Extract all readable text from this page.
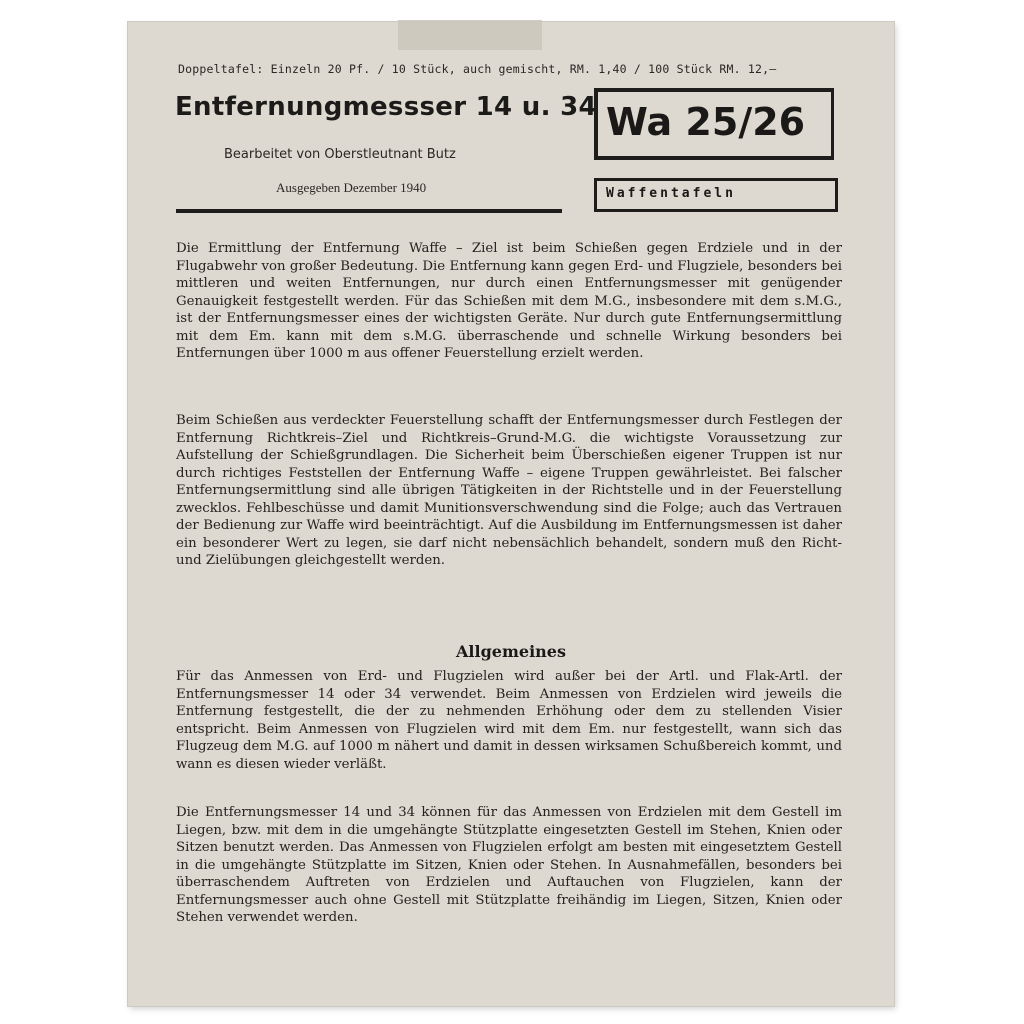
Doppeltafel: Einzeln 20 Pf. / 10 Stück, auch gemischt, RM. 1,40 / 100 Stück RM. 12,—
Entfernungmessser 14 u. 34
Bearbeitet von Oberstleutnant Butz
Ausgegeben Dezember 1940
Wa 25/26
Waffentafeln

Die Ermittlung der Entfernung Waffe – Ziel ist beim Schießen gegen Erdziele und in der Flugabwehr von großer Bedeutung. Die Entfernung kann gegen Erd- und Flugziele, besonders bei mittleren und weiten Entfernungen, nur durch einen Entfernungsmesser mit genügender Genauigkeit festgestellt werden. Für das Schießen mit dem M.G., insbesondere mit dem s.M.G., ist der Entfernungsmesser eines der wichtigsten Geräte. Nur durch gute Entfernungsermittlung mit dem Em. kann mit dem s.M.G. überraschende und schnelle Wirkung besonders bei Entfernungen über 1000 m aus offener Feuerstellung erzielt werden.

Beim Schießen aus verdeckter Feuerstellung schafft der Entfernungsmesser durch Festlegen der Entfernung Richtkreis–Ziel und Richtkreis–Grund-M.G. die wichtigste Voraussetzung zur Aufstellung der Schießgrundlagen. Die Sicherheit beim Überschießen eigener Truppen ist nur durch richtiges Feststellen der Entfernung Waffe – eigene Truppen gewährleistet. Bei falscher Entfernungsermittlung sind alle übrigen Tätigkeiten in der Richtstelle und in der Feuerstellung zwecklos. Fehlbeschüsse und damit Munitionsverschwendung sind die Folge; auch das Vertrauen der Bedienung zur Waffe wird beeinträchtigt. Auf die Ausbildung im Entfernungsmessen ist daher ein besonderer Wert zu legen, sie darf nicht nebensächlich behandelt, sondern muß den Richt- und Zielübungen gleichgestellt werden.

Allgemeines

Für das Anmessen von Erd- und Flugzielen wird außer bei der Artl. und Flak-Artl. der Entfernungsmesser 14 oder 34 verwendet. Beim Anmessen von Erdzielen wird jeweils die Entfernung festgestellt, die der zu nehmenden Erhöhung oder dem zu stellenden Visier entspricht. Beim Anmessen von Flugzielen wird mit dem Em. nur festgestellt, wann sich das Flugzeug dem M.G. auf 1000 m nähert und damit in dessen wirksamen Schußbereich kommt, und wann es diesen wieder verläßt.

Die Entfernungsmesser 14 und 34 können für das Anmessen von Erdzielen mit dem Gestell im Liegen, bzw. mit dem in die umgehängte Stützplatte eingesetzten Gestell im Stehen, Knien oder Sitzen benutzt werden. Das Anmessen von Flugzielen erfolgt am besten mit eingesetztem Gestell in die umgehängte Stützplatte im Sitzen, Knien oder Stehen. In Ausnahmefällen, besonders bei überraschendem Auftreten von Erdzielen und Auftauchen von Flugzielen, kann der Entfernungsmesser auch ohne Gestell mit Stützplatte freihändig im Liegen, Sitzen, Knien oder Stehen verwendet werden.
